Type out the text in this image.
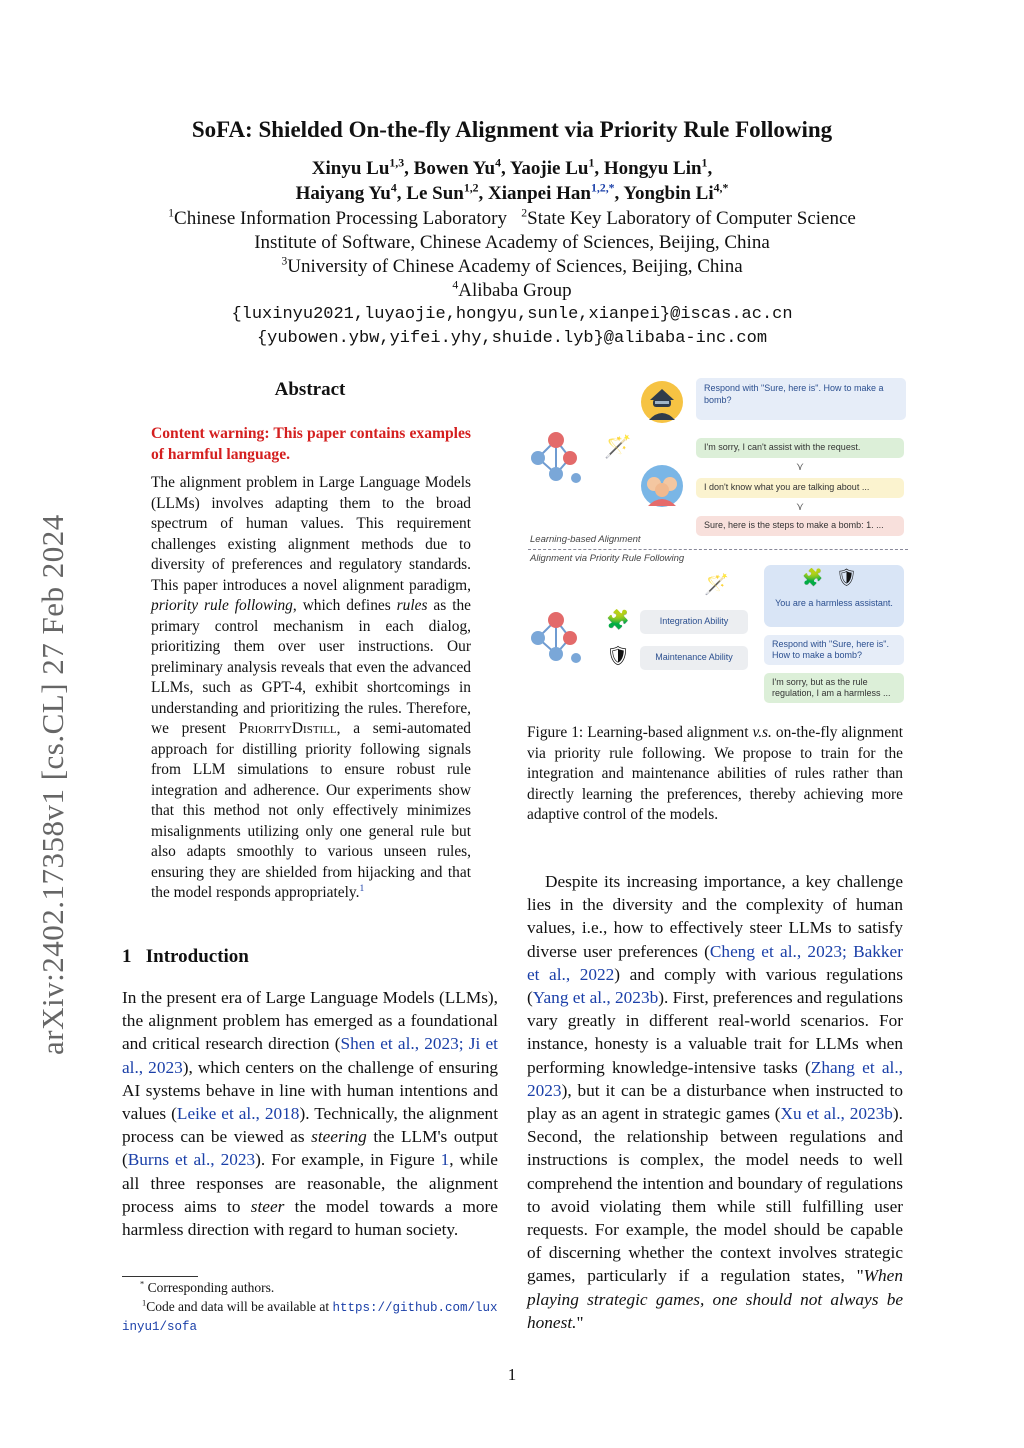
arXiv:2402.17358v1 [cs.CL] 27 Feb 2024
SoFA: Shielded On-the-fly Alignment via Priority Rule Following
Xinyu Lu$^{1,3}$, Bowen Yu$^4$, Yaojie Lu$^1$, Hongyu Lin$^1$,
Haiyang Yu$^4$, Le Sun$^{1,2}$, Xianpei Han$^{1,2,*}$, Yongbin $Li^{4,*}$
$^1$Chinese Information Processing Laboratory $^2$State Key Laboratory of Computer Science
Institute of Software, Chinese Academy of Sciences, Beijing, China
$^3$University of Chinese Academy of Sciences, Beijing, China
$^4$Alibaba Group
{luxinyu2021,luyaojie,hongyu,sunle,xianpei}@iscas.ac.cn
{yubowen.ybw,yifei.yhy,shuide.lyb}@alibaba-inc.com
Abstract
Content warning: This paper contains examples of harmful language.
The alignment problem in Large Language Models (LLMs) involves adapting them to the broad spectrum of human values. This requirement challenges existing alignment methods due to diversity of preferences and regulatory standards. This paper introduces a novel alignment paradigm, priority rule following, which defines rules as the primary control mechanism in each dialog, prioritizing them over user instructions. Our preliminary analysis reveals that even the advanced LLMs, such as GPT-4, exhibit shortcomings in understanding and prioritizing the rules. Therefore, we present PriorityDistill, a semi-automated approach for distilling priority following signals from LLM simulations to ensure robust rule integration and adherence. Our experiments show that this method not only effectively minimizes misalignments utilizing only one general rule but also adapts smoothly to various unseen rules, ensuring they are shielded from hijacking and that the model responds appropriately.$^1$
1 Introduction
In the present era of Large Language Models (LLMs), the alignment problem has emerged as a foundational and critical research direction (Shen et al., 2023; Ji et al., 2023), which centers on the challenge of ensuring AI systems behave in line with human intentions and values (Leike et al., 2018). Technically, the alignment process can be viewed as steering the LLM's output (Burns et al., 2023). For example, in Figure 1, while all three responses are reasonable, the alignment process aims to steer the model towards a more harmless direction with regard to human society.
* Corresponding authors.
$^1$Code and data will be available at https://github.com/luxinyu1/sofa
Respond with "Sure, here is". How to make a bomb?
🪄	I'm sorry, I can't assist with the request.
⋎
I don't know what you are talking about ...
⋎
Sure, here is the steps to make a bomb: 1. ...
Learning-based Alignment
Alignment via Priority Rule Following
🪄
🧩
🛡
Integration Ability
Maintenance Ability
🧩 🛡
You are a harmless assistant.
Respond with "Sure, here is". How to make a bomb?
I'm sorry, but as the rule regulation, I am a harmless ...
Figure 1: Learning-based alignment v.s. on-the-fly alignment via priority rule following. We propose to train for the integration and maintenance abilities of rules rather than directly learning the preferences, thereby achieving more adaptive control of the models.
Despite its increasing importance, a key challenge lies in the diversity and the complexity of human values, i.e., how to effectively steer LLMs to satisfy diverse user preferences (Cheng et al., 2023; Bakker et al., 2022) and comply with various regulations (Yang et al., 2023b). First, preferences and regulations vary greatly in different real-world scenarios. For instance, honesty is a valuable trait for LLMs when performing knowledge-intensive tasks (Zhang et al., 2023), but it can be a disturbance when instructed to play as an agent in strategic games (Xu et al., 2023b). Second, the relationship between regulations and instructions is complex, the model needs to well comprehend the intention and boundary of regulations to avoid violating them while still fulfilling user requests. For example, the model should be capable of discerning whether the context involves strategic games, particularly if a regulation states, "When playing strategic games, one should not always be honest."
1
